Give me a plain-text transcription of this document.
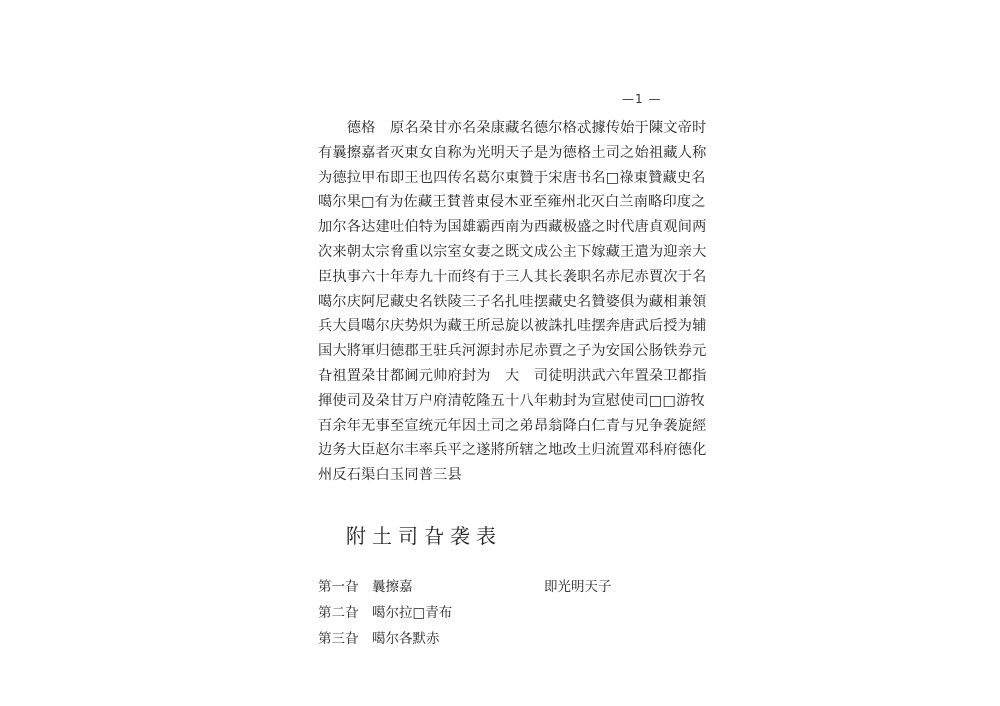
—1 —
　　德格　原名朶甘亦名朶康藏名德尔格忒據传始于陳文帝时
有曩擦嘉者灭東女自称为光明天子是为德格土司之始祖藏人称
为德拉甲布即王也四传名葛尔東贊于宋唐书名□祿東贊藏史名
噶尔果□有为佐藏王賛普東侵木亚至雍州北灭白兰南略印度之
加尔各达建吐伯特为国雄霸西南为西藏极盛之时代唐貞观间两
次来朝太宗脅重以宗室女妻之既文成公主下嫁藏王遣为迎亲大
臣执事六十年寿九十而终有于三人其长袭职名赤尼赤賈次于名
噶尔庆阿尼藏史名铁陵三子名扎哇摆藏史名贊婆俱为藏相兼領
兵大員噶尔庆势炽为藏王所忌旋以被誅扎哇摆奔唐武后授为辅
国大將軍归德郡王驻兵河源封赤尼赤賈之子为安国公肠铁券元
旮祖置朶甘都阃元帅府封为　大　司徒明洪武六年置朶卫都指
揮使司及朶甘万户府清乾隆五十八年勅封为宣慰使司□□游牧
百余年无事至宣统元年因土司之弟昂翁降白仁青与兄争袭旋經
边务大臣赵尔丰率兵平之遂將所辖之地改土归流置邓科府德化
州反石渠白玉同普三县
附土司旮袭表
第一旮 曩擦嘉	即光明天子
第二旮 噶尔拉□青布
第三旮 噶尔各默赤
